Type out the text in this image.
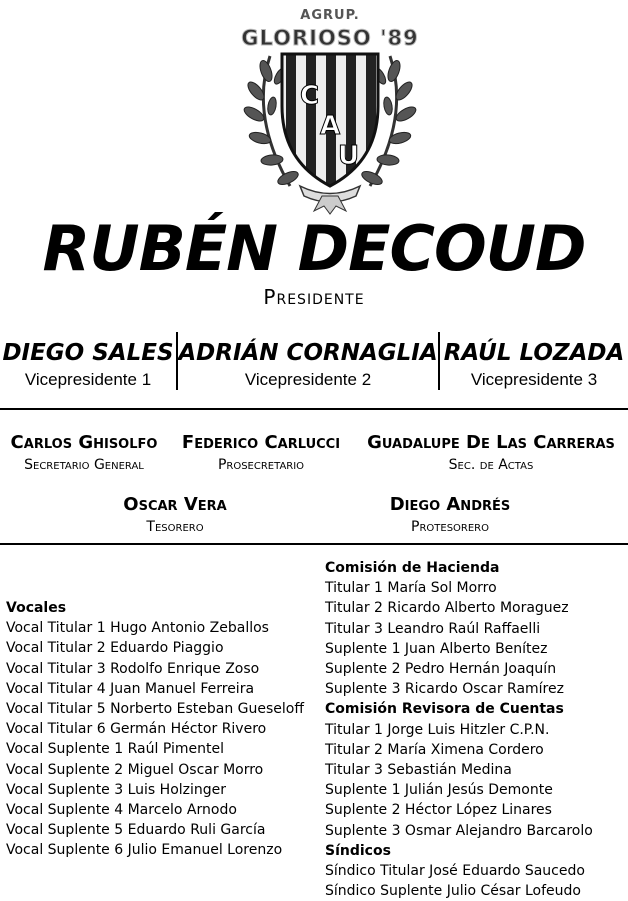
AGRUP.
GLORIOSO '89
C
A
U
RUBÉN DECOUD
Presidente
DIEGO SALES
Vicepresidente 1
ADRIÁN CORNAGLIA
Vicepresidente 2
RAÚL LOZADA
Vicepresidente 3
Carlos Ghisolfo
Secretario General
Federico Carlucci
Prosecretario
Guadalupe De Las Carreras
Sec. de Actas
Oscar Vera
Tesorero
Diego Andrés
Protesorero
Vocales
Vocal Titular 1 Hugo Antonio Zeballos
Vocal Titular 2 Eduardo Piaggio
Vocal Titular 3 Rodolfo Enrique Zoso
Vocal Titular 4 Juan Manuel Ferreira
Vocal Titular 5 Norberto Esteban Gueseloff
Vocal Titular 6 Germán Héctor Rivero
Vocal Suplente 1 Raúl Pimentel
Vocal Suplente 2 Miguel Oscar Morro
Vocal Suplente 3 Luis Holzinger
Vocal Suplente 4 Marcelo Arnodo
Vocal Suplente 5 Eduardo Ruli García
Vocal Suplente 6 Julio Emanuel Lorenzo
Comisión de Hacienda
Titular 1 María Sol Morro
Titular 2 Ricardo Alberto Moraguez
Titular 3 Leandro Raúl Raffaelli
Suplente 1 Juan Alberto Benítez
Suplente 2 Pedro Hernán Joaquín
Suplente 3 Ricardo Oscar Ramírez
Comisión Revisora de Cuentas
Titular 1 Jorge Luis Hitzler C.P.N.
Titular 2 María Ximena Cordero
Titular 3 Sebastián Medina
Suplente 1 Julián Jesús Demonte
Suplente 2 Héctor López Linares
Suplente 3 Osmar Alejandro Barcarolo
Síndicos
Síndico Titular José Eduardo Saucedo
Síndico Suplente Julio César Lofeudo
